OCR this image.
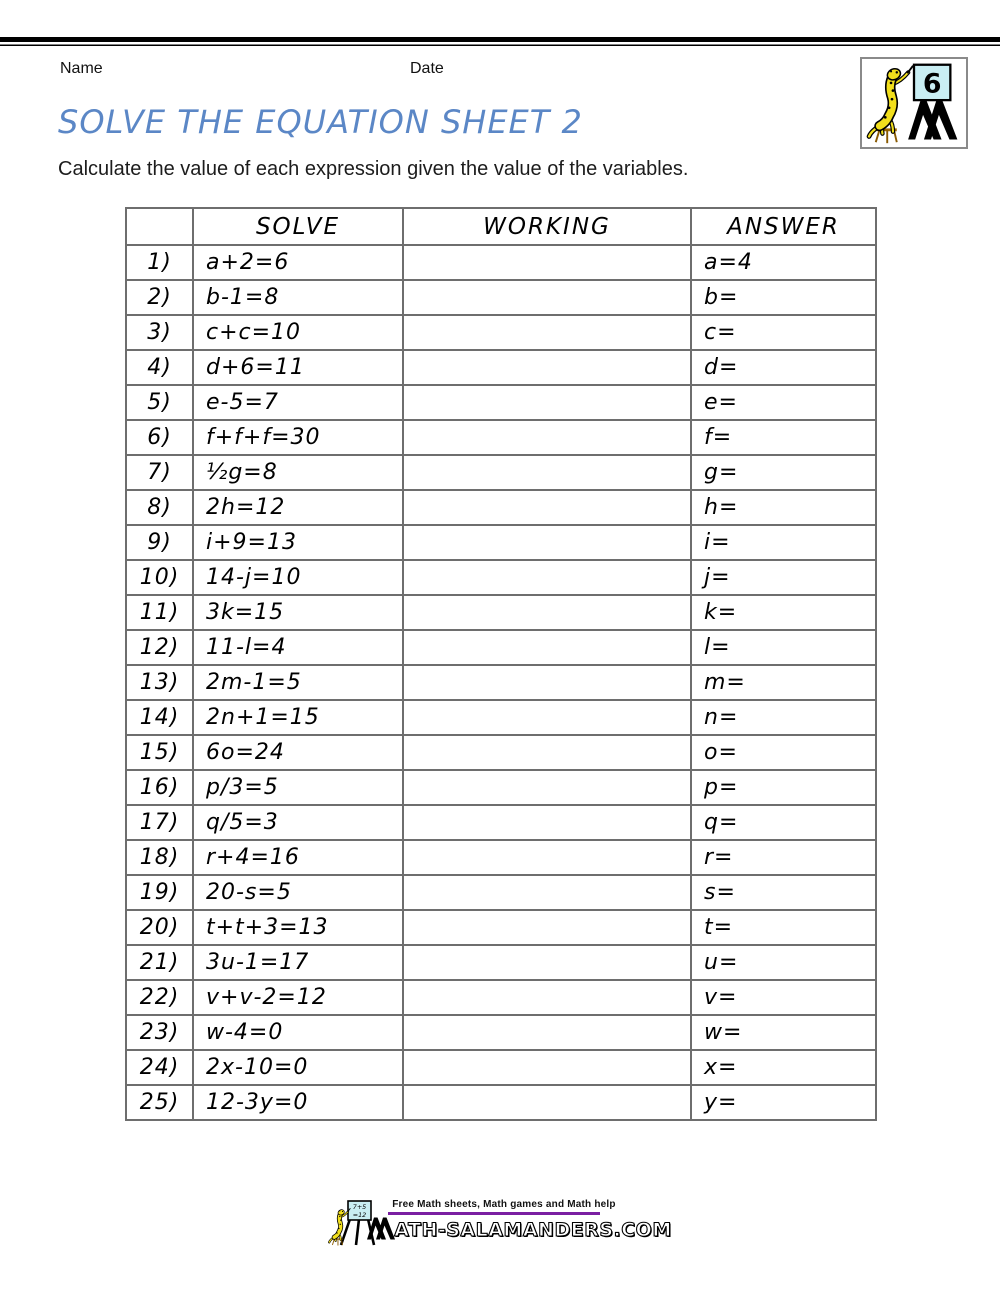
Name	Date	6
SOLVE THE EQUATION SHEET 2

Calculate the value of each expression given the value of the variables.

	SOLVE	WORKING	ANSWER
1)	a+2=6		a=4
2)	b-1=8		b=
3)	c+c=10		c=
4)	d+6=11		d=
5)	e-5=7		e=
6)	f+f+f=30		f=
7)	½g=8		g=
8)	2h=12		h=
9)	i+9=13		i=
10)	14-j=10		j=
11)	3k=15		k=
12)	11-l=4		l=
13)	2m-1=5		m=
14)	2n+1=15		n=
15)	6o=24		o=
16)	p/3=5		p=
17)	q/5=3		q=
18)	r+4=16		r=
19)	20-s=5		s=
20)	t+t+3=13		t=
21)	3u-1=17		u=
22)	v+v-2=12		v=
23)	w-4=0		w=
24)	2x-10=0		x=
25)	12-3y=0		y=
7+5
=12
Free Math sheets, Math games and Math help
ATH-SALAMANDERS.COM
